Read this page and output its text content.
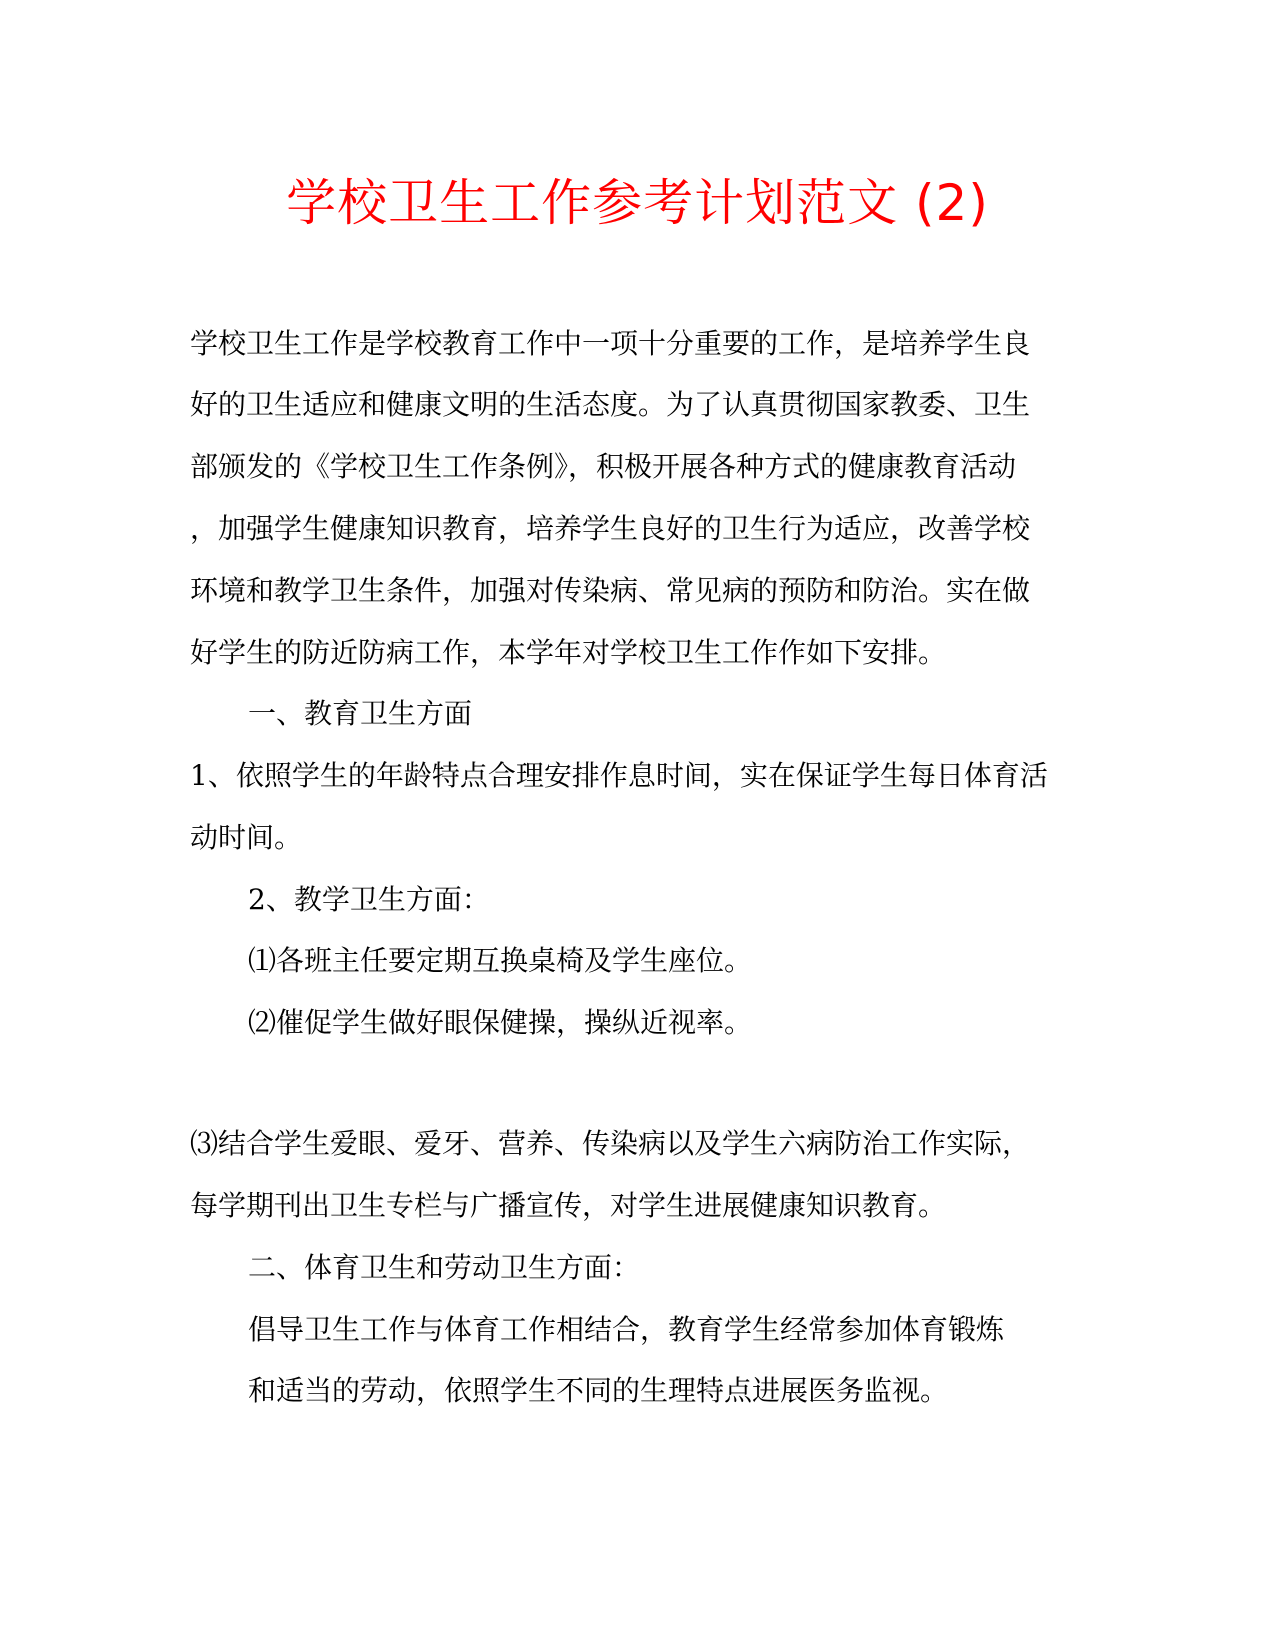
学校卫生工作参考计划范文 (2)
学校卫生工作是学校教育工作中一项十分重要的工作，是培养学生良
好的卫生适应和健康文明的生活态度。为了认真贯彻国家教委、卫生
部颁发的《学校卫生工作条例》，积极开展各种方式的健康教育活动
，加强学生健康知识教育，培养学生良好的卫生行为适应，改善学校
环境和教学卫生条件，加强对传染病、常见病的预防和防治。实在做
好学生的防近防病工作，本学年对学校卫生工作作如下安排。
一、教育卫生方面
1、依照学生的年龄特点合理安排作息时间，实在保证学生每日体育活
动时间。
2、教学卫生方面：
⑴各班主任要定期互换桌椅及学生座位。
⑵催促学生做好眼保健操，操纵近视率。
⑶结合学生爱眼、爱牙、营养、传染病以及学生六病防治工作实际，
每学期刊出卫生专栏与广播宣传，对学生进展健康知识教育。
二、体育卫生和劳动卫生方面：
倡导卫生工作与体育工作相结合，教育学生经常参加体育锻炼
和适当的劳动，依照学生不同的生理特点进展医务监视。
